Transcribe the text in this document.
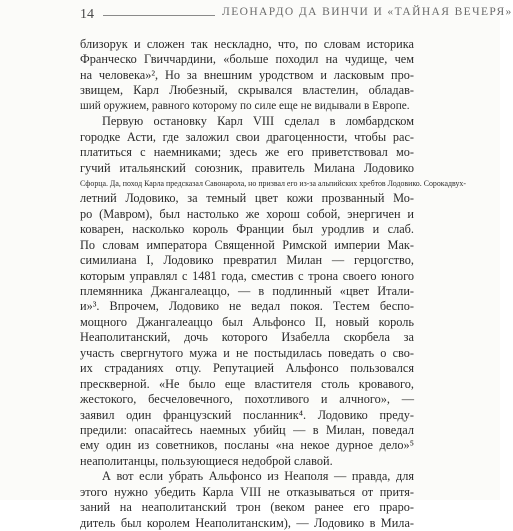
14	ЛЕОНАРДО ДА ВИНЧИ И «ТАЙНАЯ ВЕЧЕРЯ»
близорук и сложен так нескладно, что, по словам историка
Франческо Гвиччардини, «больше походил на чудище, чем
на человека»², Но за внешним уродством и ласковым про-
звищем, Карл Любезный, скрывался властелин, обладав-
ший оружием, равного которому по силе еще не видывали в Европе.
Первую остановку Карл VIII сделал в ломбардском
городке Асти, где заложил свои драгоценности, чтобы рас-
платиться с наемниками; здесь же его приветствовал мо-
гучий итальянский союзник, правитель Милана Лодовико
Сфорца. Да, поход Карла предсказал Савонарола, но призвал его из-за альпийских хребтов Лодовико. Сорокадвух-
летний Лодовико, за темный цвет кожи прозванный Мо-
ро (Мавром), был настолько же хорош собой, энергичен и
коварен, насколько король Франции был уродлив и слаб.
По словам императора Священной Римской империи Мак-
симилиана I, Лодовико превратил Милан — герцогство,
которым управлял с 1481 года, сместив с трона своего юного
племянника Джангалеаццо, — в подлинный «цвет Итали-
и»³. Впрочем, Лодовико не ведал покоя. Тестем беспо-
мощного Джангалеаццо был Альфонсо II, новый король
Неаполитанский, дочь которого Изабелла скорбела за
участь свергнутого мужа и не постыдилась поведать о сво-
их страданиях отцу. Репутацией Альфонсо пользовался
прескверной. «Не было еще властителя столь кровавого,
жестокого, бесчеловечного, похотливого и алчного», —
заявил один французский посланник⁴. Лодовико преду-
предили: опасайтесь наемных убийц — в Милан, поведал
ему один из советников, посланы «на некое дурное дело»⁵
неаполитанцы, пользующиеся недоброй славой.
А вот если убрать Альфонсо из Неаполя — правда, для
этого нужно убедить Карла VIII не отказываться от притя-
заний на неаполитанский трон (веком ранее его праро-
дитель был королем Неаполитанским), — Лодовико в Мила-
